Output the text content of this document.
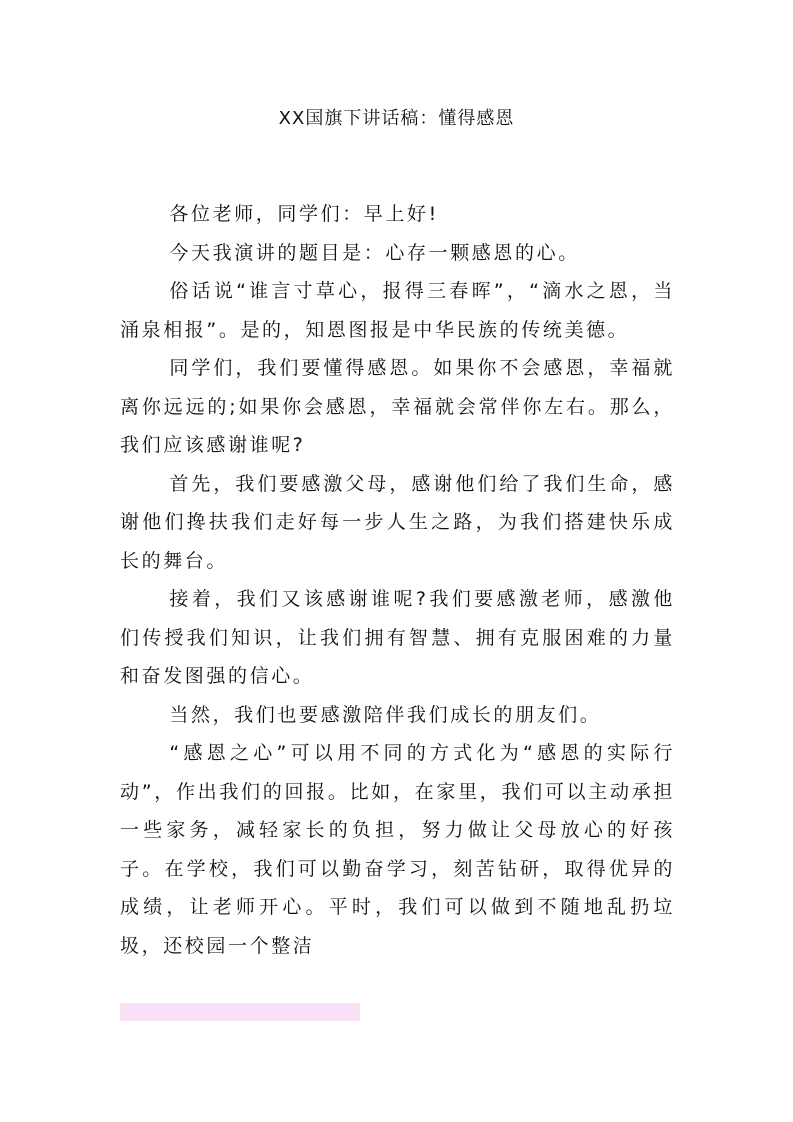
XX国旗下讲话稿：懂得感恩

各位老师，同学们：早上好!

今天我演讲的题目是：心存一颗感恩的心。

俗话说“谁言寸草心，报得三春晖”，“滴水之恩，当涌泉相报”。是的，知恩图报是中华民族的传统美德。

同学们，我们要懂得感恩。如果你不会感恩，幸福就离你远远的;如果你会感恩，幸福就会常伴你左右。那么，我们应该感谢谁呢?

首先，我们要感激父母，感谢他们给了我们生命，感谢他们搀扶我们走好每一步人生之路，为我们搭建快乐成长的舞台。

接着，我们又该感谢谁呢?我们要感激老师，感激他们传授我们知识，让我们拥有智慧、拥有克服困难的力量和奋发图强的信心。

当然，我们也要感激陪伴我们成长的朋友们。

“感恩之心”可以用不同的方式化为“感恩的实际行动”，作出我们的回报。比如，在家里，我们可以主动承担一些家务，减轻家长的负担，努力做让父母放心的好孩子。在学校，我们可以勤奋学习，刻苦钻研，取得优异的成绩，让老师开心。平时，我们可以做到不随地乱扔垃圾，还校园一个整洁
